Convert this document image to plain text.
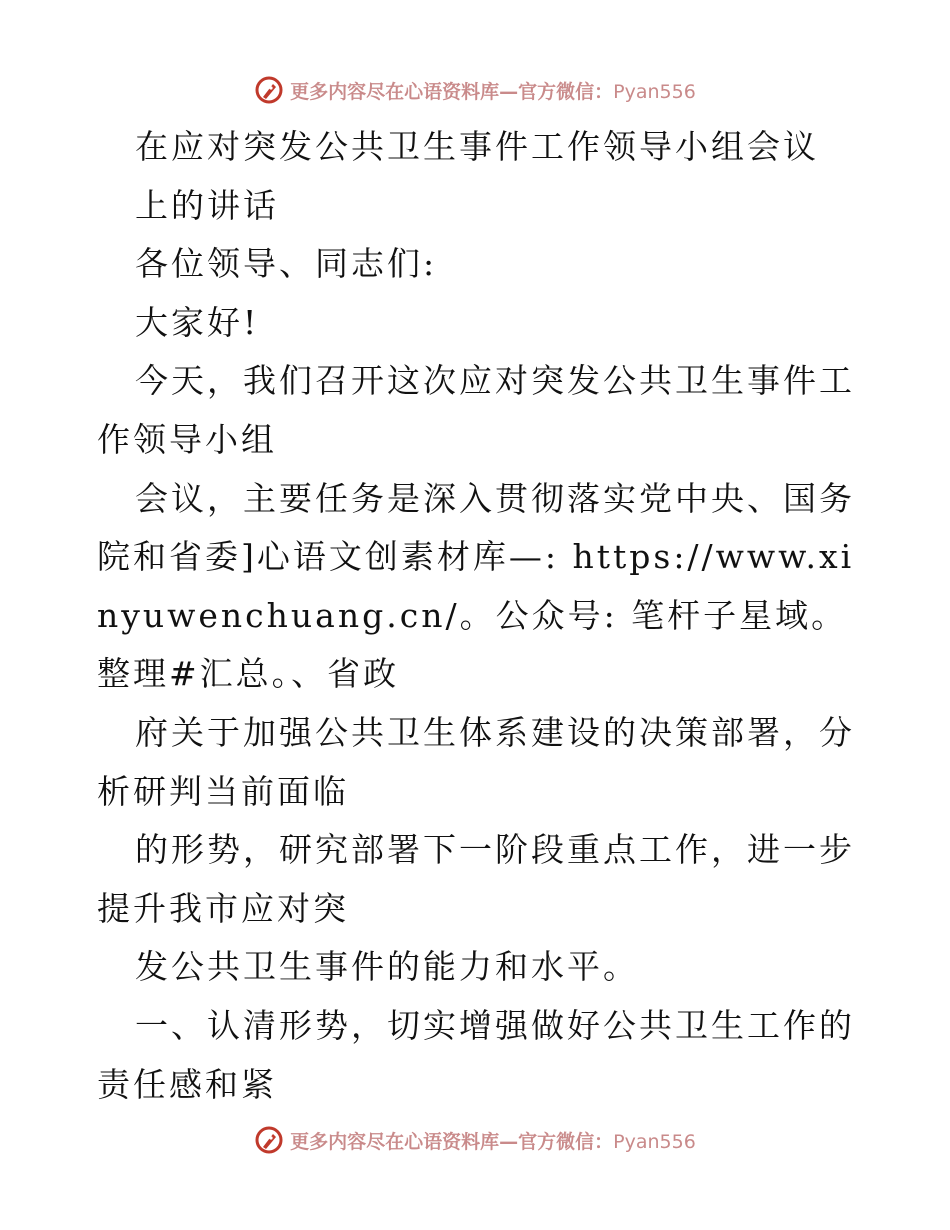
更多内容尽在心语资料库—官方微信：Pyan556

在应对突发公共卫生事件工作领导小组会议

上的讲话

各位领导、同志们:

大家好!

今天，我们召开这次应对突发公共卫生事件工作领导小组

会议，主要任务是深入贯彻落实党中央、国务院和省委]心语文创素材库—: https://www.xinyuwenchuang.cn/。公众号: 笔杆子星域。整理#汇总。、省政

府关于加强公共卫生体系建设的决策部署，分析研判当前面临

的形势，研究部署下一阶段重点工作，进一步提升我市应对突

发公共卫生事件的能力和水平。

一、认清形势，切实增强做好公共卫生工作的责任感和紧

更多内容尽在心语资料库—官方微信：Pyan556
